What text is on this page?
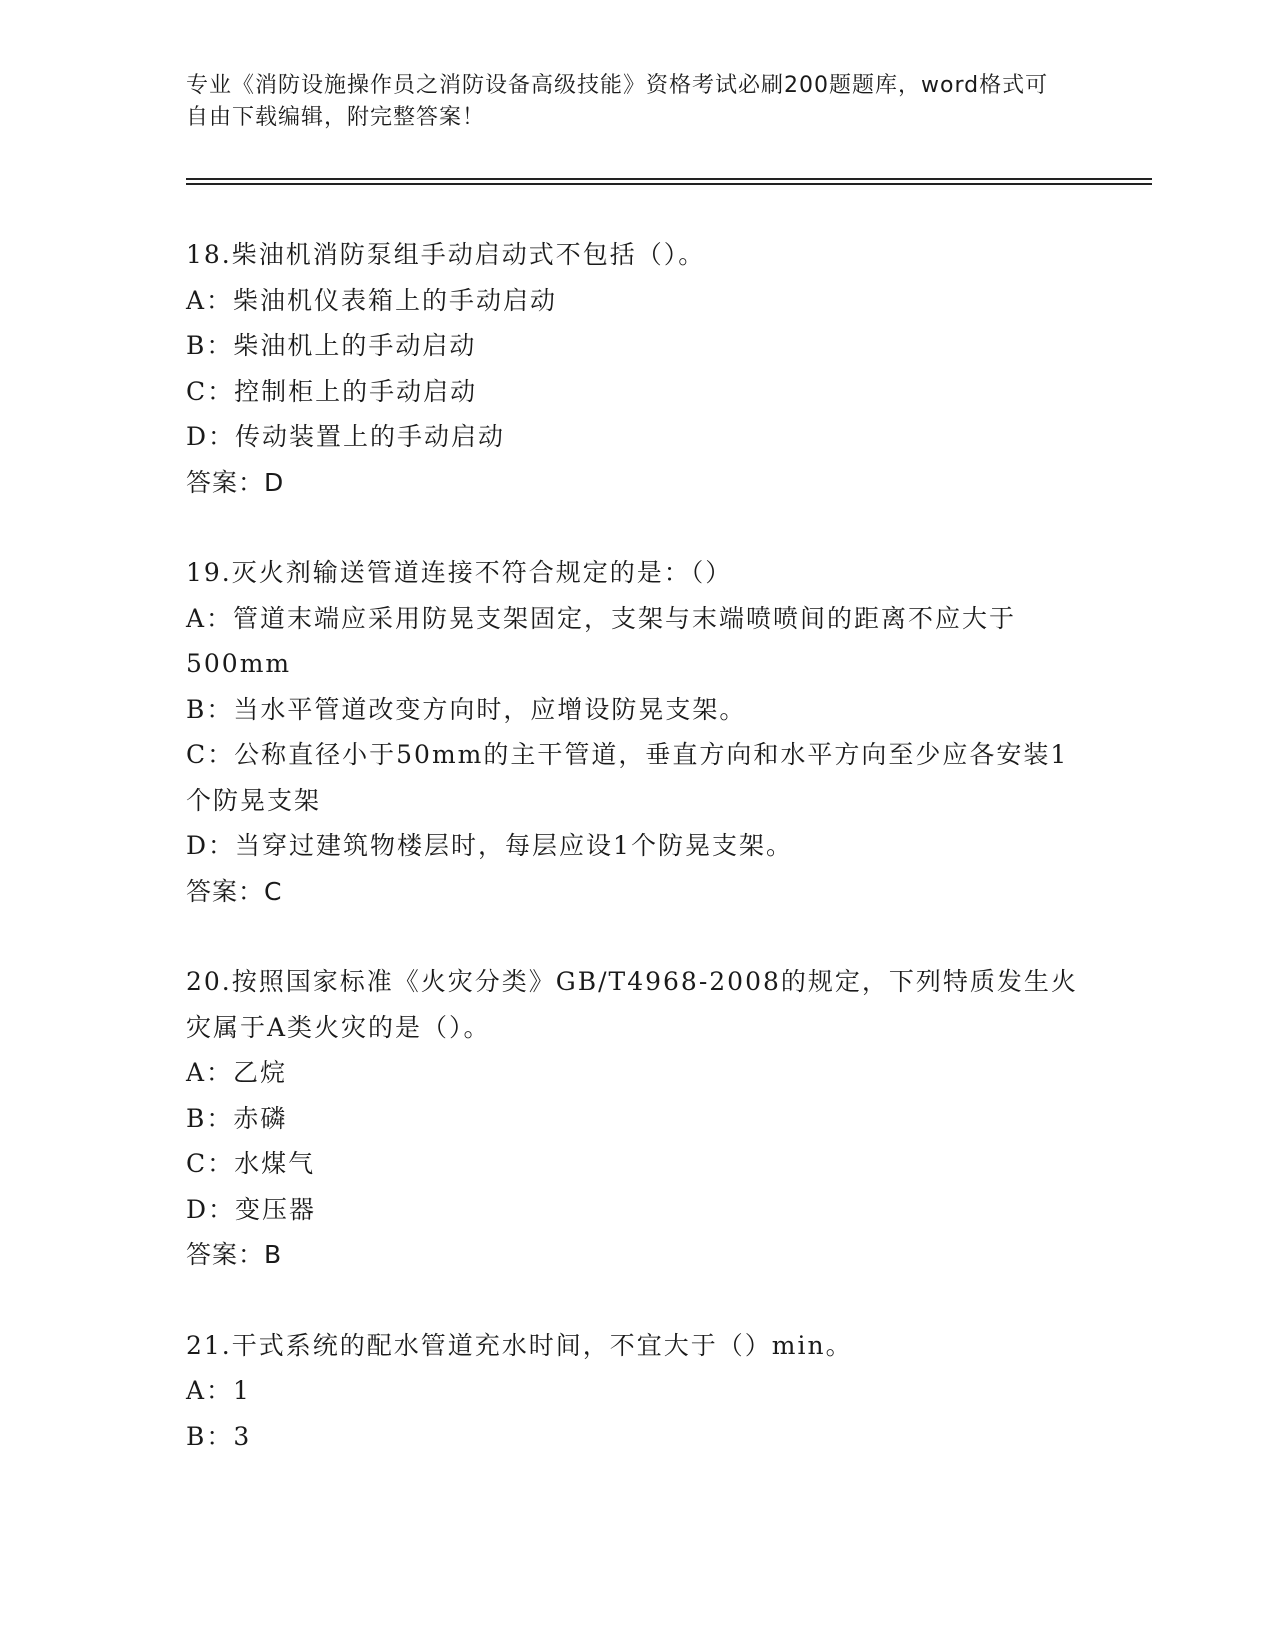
专业《消防设施操作员之消防设备高级技能》资格考试必刷200题题库，word格式可自由下载编辑，附完整答案！
18.柴油机消防泵组手动启动式不包括（）。
A：柴油机仪表箱上的手动启动
B：柴油机上的手动启动
C：控制柜上的手动启动
D：传动装置上的手动启动
答案：D
19.灭火剂输送管道连接不符合规定的是：（）
A：管道末端应采用防晃支架固定，支架与末端喷喷间的距离不应大于500mm
B：当水平管道改变方向时，应增设防晃支架。
C：公称直径小于50mm的主干管道，垂直方向和水平方向至少应各安装1个防晃支架
D：当穿过建筑物楼层时，每层应设1个防晃支架。
答案：C
20.按照国家标准《火灾分类》GB/T4968-2008的规定，下列特质发生火灾属于A类火灾的是（）。
A：乙烷
B：赤磷
C：水煤气
D：变压器
答案：B
21.干式系统的配水管道充水时间，不宜大于（）min。
A：1
B：3
